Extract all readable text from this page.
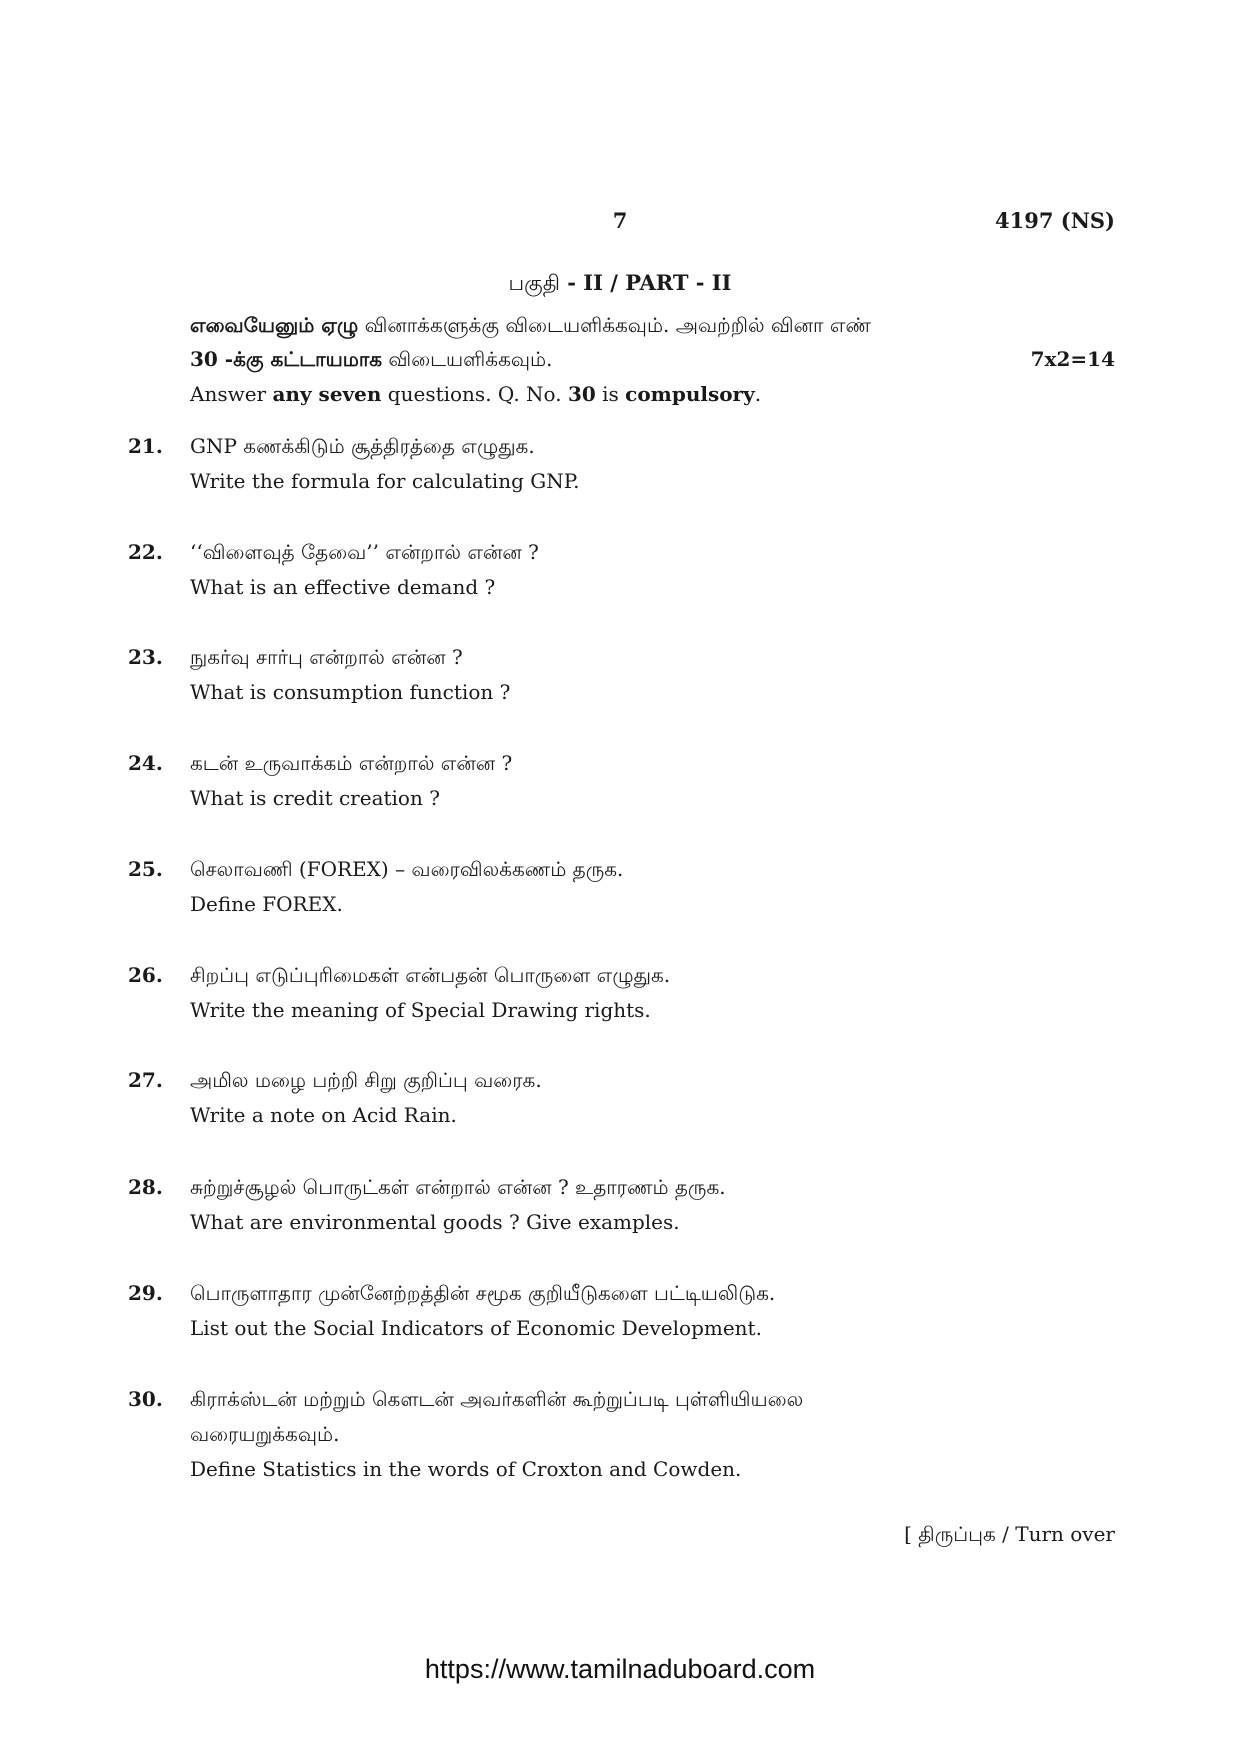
7	4197 (NS)
பகுதி - II / PART - II
எவையேனும் ஏழு வினாக்களுக்கு விடையளிக்கவும். அவற்றில் வினா எண்
30 -க்கு கட்டாயமாக விடையளிக்கவும்.	7x2=14
Answer any seven questions. Q. No. 30 is compulsory.
21.	GNP கணக்கிடும் சூத்திரத்தை எழுதுக.
Write the formula for calculating GNP.
22.	‘‘விளைவுத் தேவை’’ என்றால் என்ன ?
What is an effective demand ?
23.	நுகர்வு சார்பு என்றால் என்ன ?
What is consumption function ?
24.	கடன் உருவாக்கம் என்றால் என்ன ?
What is credit creation ?
25.	செலாவணி (FOREX) – வரைவிலக்கணம் தருக.
Define FOREX.
26.	சிறப்பு எடுப்புரிமைகள் என்பதன் பொருளை எழுதுக.
Write the meaning of Special Drawing rights.
27.	அமில மழை பற்றி சிறு குறிப்பு வரைக.
Write a note on Acid Rain.
28.	சுற்றுச்சூழல் பொருட்கள் என்றால் என்ன ? உதாரணம் தருக.
What are environmental goods ? Give examples.
29.	பொருளாதார முன்னேற்றத்தின் சமூக குறியீடுகளை பட்டியலிடுக.
List out the Social Indicators of Economic Development.
30.	கிராக்ஸ்டன் மற்றும் கௌடன் அவர்களின் கூற்றுப்படி புள்ளியியலை
வரையறுக்கவும்.
Define Statistics in the words of Croxton and Cowden.
[ திருப்புக / Turn over
https://www.tamilnaduboard.com
